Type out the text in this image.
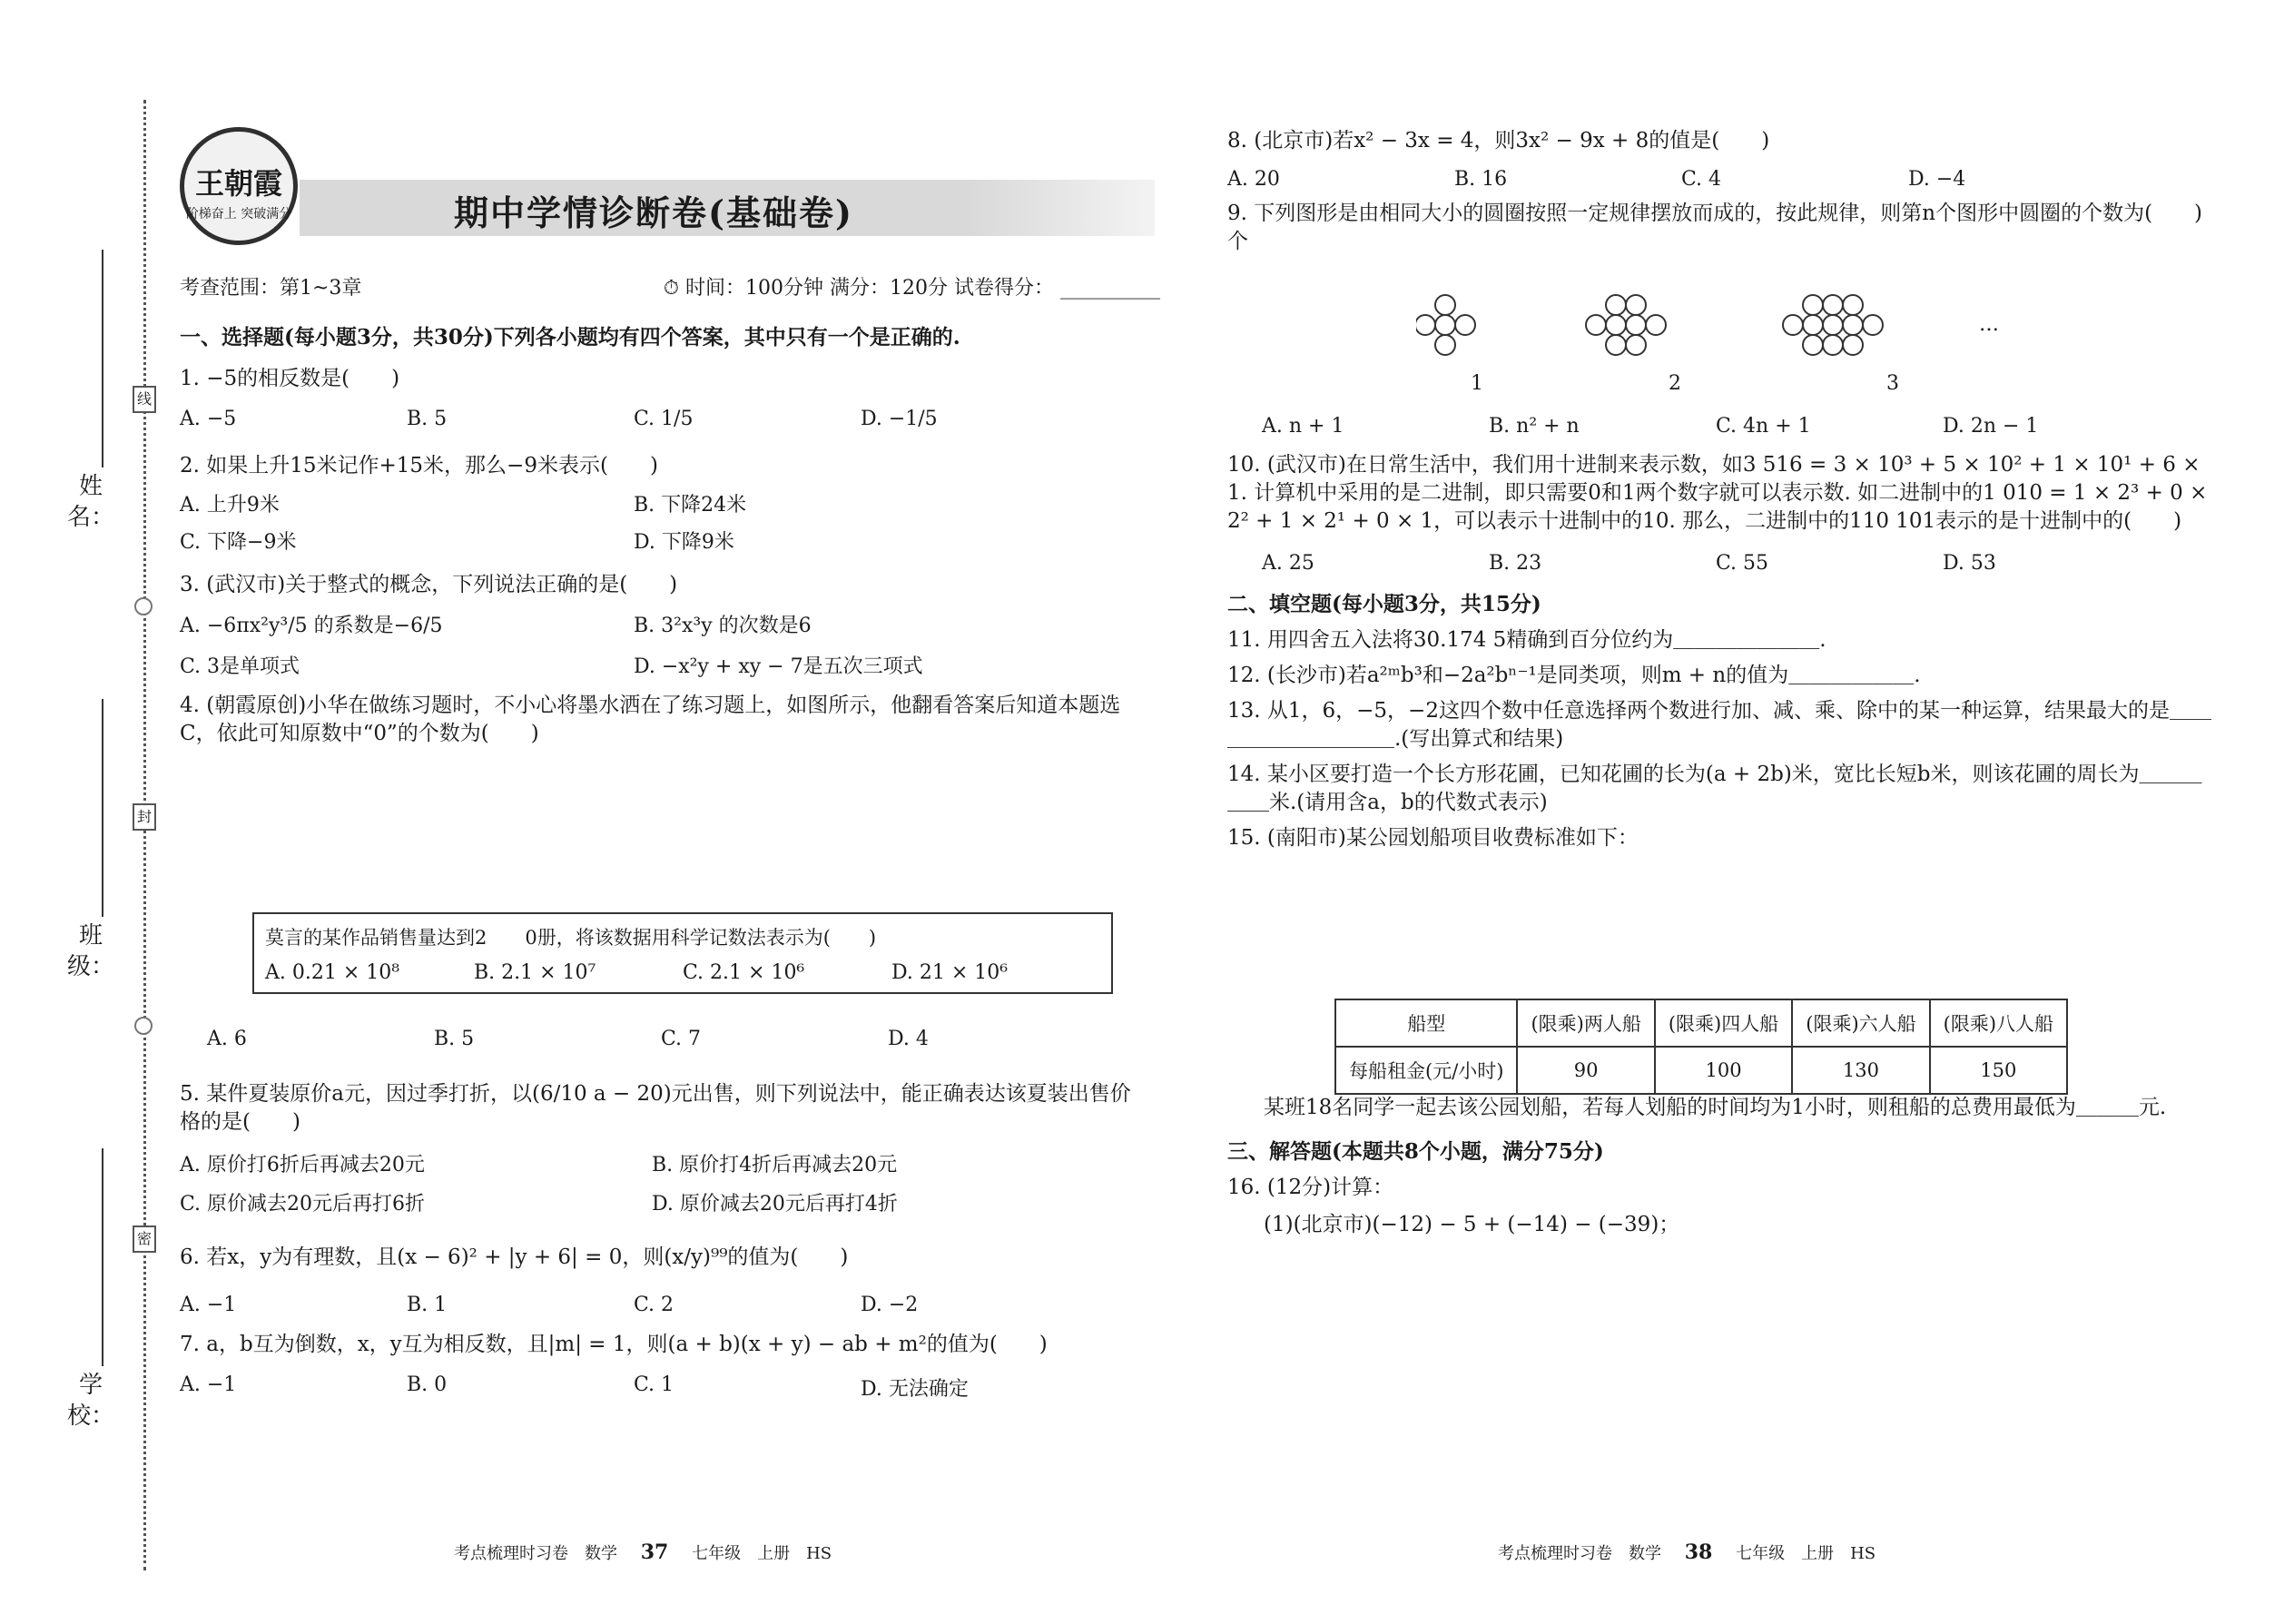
姓名：
班级：
学校：
线
封
密
王朝霞
阶梯奋上 突破满分	期中学情诊断卷(基础卷)
考查范围：第1~3章	⏱ 时间：100分钟 满分：120分 试卷得分： __________
一、选择题(每小题3分，共30分)下列各小题均有四个答案，其中只有一个是正确的.
1. −5的相反数是(　　)
A. −5	B. 5	C. 1/5	D. −1/5
2. 如果上升15米记作+15米，那么−9米表示(　　)
A. 上升9米	B. 下降24米
C. 下降−9米	D. 下降9米
3. (武汉市)关于整式的概念，下列说法正确的是(　　)
A. −6πx²y³/5 的系数是−6/5	B. 3²x³y 的次数是6
C. 3是单项式	D. −x²y + xy − 7是五次三项式
4. (朝霞原创)小华在做练习题时，不小心将墨水洒在了练习题上，如图所示，他翻看答案后知道本题选C，依此可知原数中“0”的个数为(　　)
莫言的某作品销售量达到2　　0册，将该数据用科学记数法表示为(　　)
A. 0.21 × 10⁸	B. 2.1 × 10⁷	C. 2.1 × 10⁶	D. 21 × 10⁶
A. 6	B. 5	C. 7	D. 4
5. 某件夏装原价a元，因过季打折，以(6/10 a − 20)元出售，则下列说法中，能正确表达该夏装出售价格的是(　　)
A. 原价打6折后再减去20元	B. 原价打4折后再减去20元
C. 原价减去20元后再打6折	D. 原价减去20元后再打4折
6. 若x，y为有理数，且(x − 6)² + |y + 6| = 0，则(x/y)⁹⁹的值为(　　)
A. −1	B. 1	C. 2	D. −2
7. a，b互为倒数，x，y互为相反数，且|m| = 1，则(a + b)(x + y) − ab + m²的值为(　　)
A. −1	B. 0	C. 1	D. 无法确定
8. (北京市)若x² − 3x = 4，则3x² − 9x + 8的值是(　　)
A. 20	B. 16	C. 4	D. −4
9. 下列图形是由相同大小的圆圈按照一定规律摆放而成的，按此规律，则第n个图形中圆圈的个数为(　　)个
1	2	3
…
A. n + 1	B. n² + n	C. 4n + 1	D. 2n − 1
10. (武汉市)在日常生活中，我们用十进制来表示数，如3 516 = 3 × 10³ + 5 × 10² + 1 × 10¹ + 6 × 1. 计算机中采用的是二进制，即只需要0和1两个数字就可以表示数. 如二进制中的1 010 = 1 × 2³ + 0 × 2² + 1 × 2¹ + 0 × 1，可以表示十进制中的10. 那么，二进制中的110 101表示的是十进制中的(　　)
A. 25	B. 23	C. 55	D. 53
二、填空题(每小题3分，共15分)
11. 用四舍五入法将30.174 5精确到百分位约为＿＿＿＿＿＿＿.
12. (长沙市)若a²ᵐb³和−2a²bⁿ⁻¹是同类项，则m + n的值为＿＿＿＿＿＿.
13. 从1，6，−5，−2这四个数中任意选择两个数进行加、减、乘、除中的某一种运算，结果最大的是＿＿＿＿＿＿＿＿＿＿.(写出算式和结果)
14. 某小区要打造一个长方形花圃，已知花圃的长为(a + 2b)米，宽比长短b米，则该花圃的周长为＿＿＿＿＿米.(请用含a，b的代数式表示)
15. (南阳市)某公园划船项目收费标准如下：
船型	(限乘)两人船	(限乘)四人船	(限乘)六人船	(限乘)八人船
每船租金(元/小时)	90	100	130	150
某班18名同学一起去该公园划船，若每人划船的时间均为1小时，则租船的总费用最低为＿＿＿元.
三、解答题(本题共8个小题，满分75分)
16. (12分)计算：
(1)(北京市)(−12) − 5 + (−14) − (−39)；
考点梳理时习卷　数学 37 七年级　上册　HS	考点梳理时习卷　数学 38 七年级　上册　HS
